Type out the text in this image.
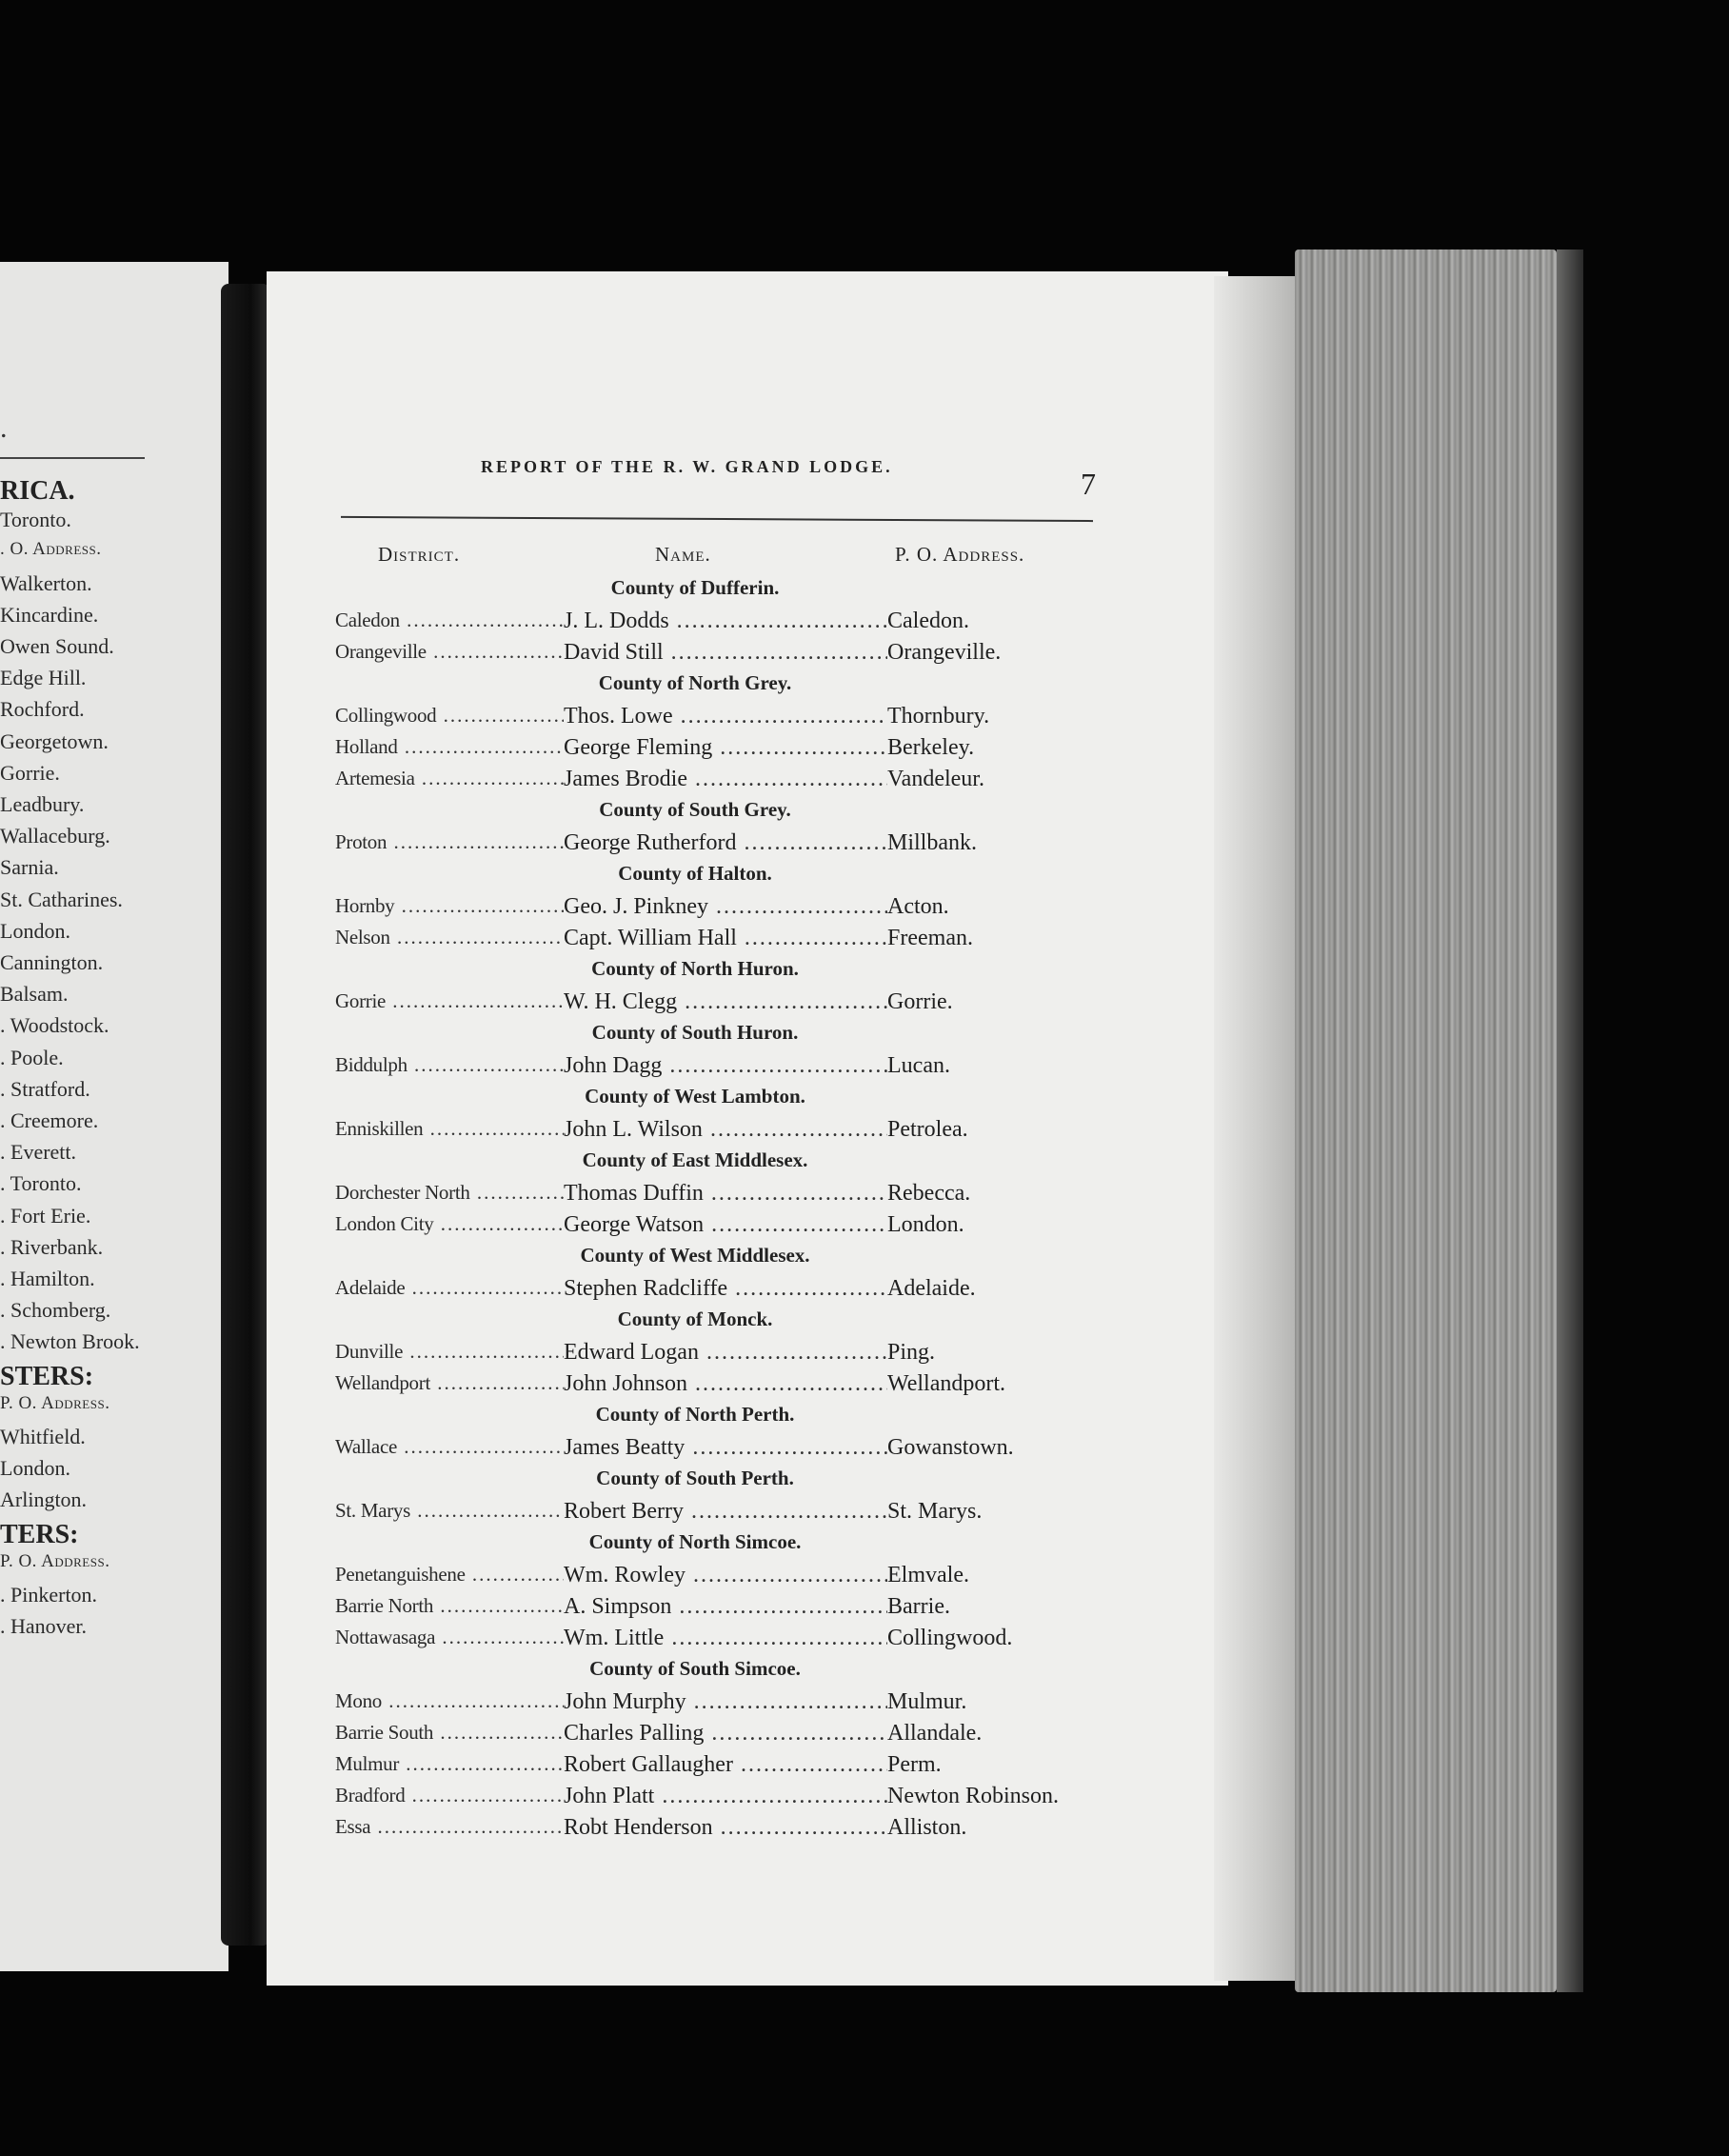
.
RICA.
Toronto.
. O. Address.
Walkerton.
Kincardine.
Owen Sound.
Edge Hill.
Rochford.
Georgetown.
Gorrie.
Leadbury.
Wallaceburg.
Sarnia.
St. Catharines.
London.
Cannington.
Balsam.
. Woodstock.
. Poole.
. Stratford.
. Creemore.
. Everett.
. Toronto.
. Fort Erie.
. Riverbank.
. Hamilton.
. Schomberg.
. Newton Brook.
STERS:
P. O. Address.
Whitfield.
London.
Arlington.
TERS:
P. O. Address.
. Pinkerton.
. Hanover.
REPORT OF THE R. W. GRAND LODGE.	7
District.	Name.	P. O. Address.
County of Dufferin.
Caledon .....	J. L. Dodds .....	Caledon.
Orangeville .....	David Still .....	Orangeville.
County of North Grey.
Collingwood .....	Thos. Lowe .....	Thornbury.
Holland .....	George Fleming .....	Berkeley.
Artemesia .....	James Brodie .....	Vandeleur.
County of South Grey.
Proton .....	George Rutherford .....	Millbank.
County of Halton.
Hornby .....	Geo. J. Pinkney .....	Acton.
Nelson .....	Capt. William Hall .....	Freeman.
County of North Huron.
Gorrie .....	W. H. Clegg .....	Gorrie.
County of South Huron.
Biddulph .....	John Dagg .....	Lucan.
County of West Lambton.
Enniskillen .....	John L. Wilson .....	Petrolea.
County of East Middlesex.
Dorchester North .....	Thomas Duffin .....	Rebecca.
London City .....	George Watson .....	London.
County of West Middlesex.
Adelaide .....	Stephen Radcliffe .....	Adelaide.
County of Monck.
Dunville .....	Edward Logan .....	Ping.
Wellandport .....	John Johnson .....	Wellandport.
County of North Perth.
Wallace .....	James Beatty .....	Gowanstown.
County of South Perth.
St. Marys .....	Robert Berry .....	St. Marys.
County of North Simcoe.
Penetanguishene .....	Wm. Rowley .....	Elmvale.
Barrie North .....	A. Simpson .....	Barrie.
Nottawasaga .....	Wm. Little .....	Collingwood.
County of South Simcoe.
Mono .....	John Murphy .....	Mulmur.
Barrie South .....	Charles Palling .....	Allandale.
Mulmur .....	Robert Gallaugher .....	Perm.
Bradford .....	John Platt .....	Newton Robinson.
Essa .....	Robt Henderson .....	Alliston.
